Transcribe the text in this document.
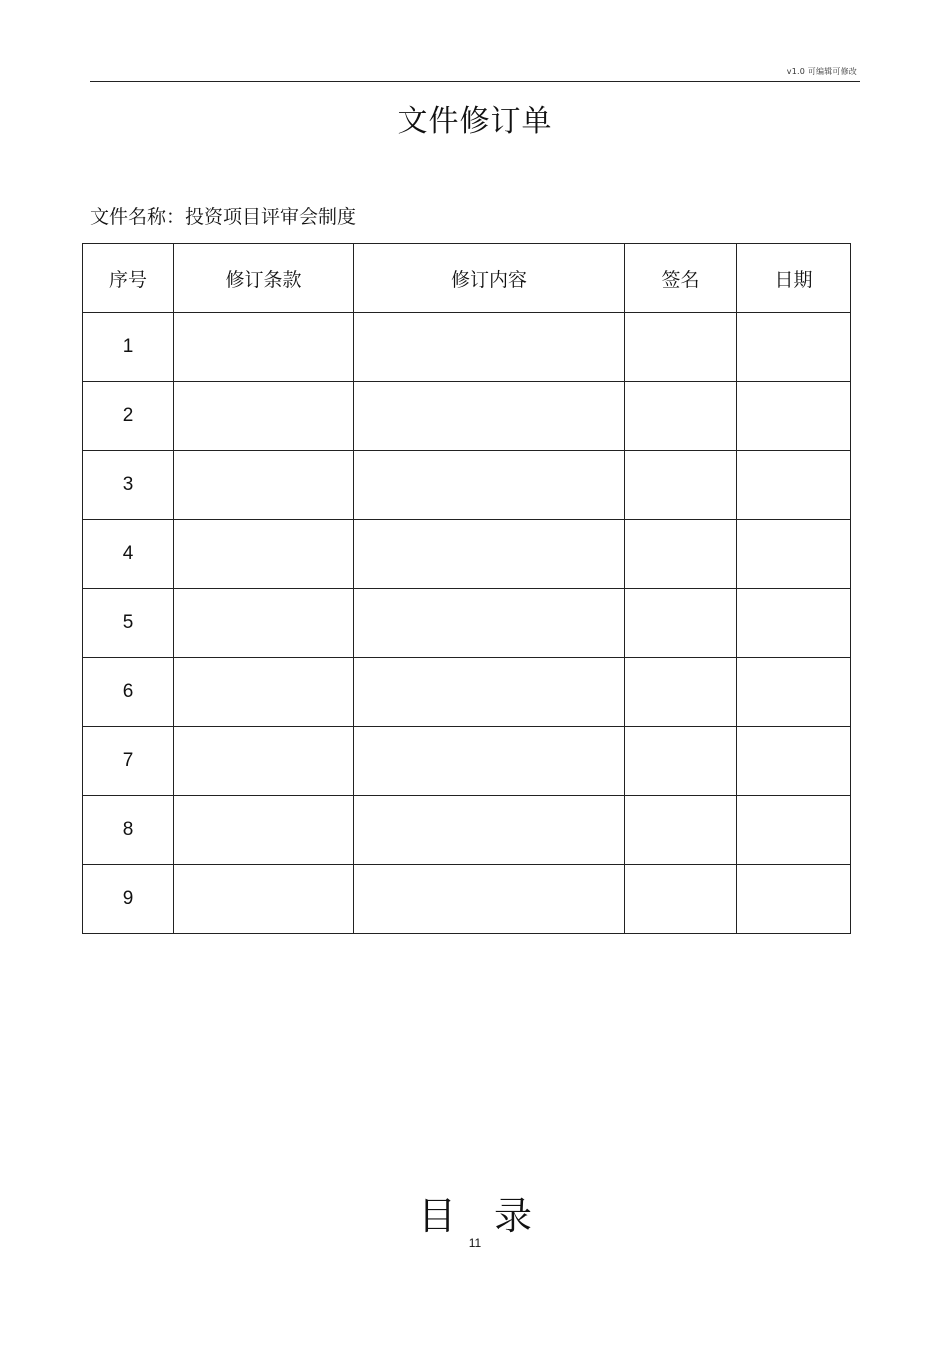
v1.0 可编辑可修改
文件修订单
文件名称：投资项目评审会制度
序号	修订条款	修订内容	签名	日期
1				
2				
3				
4				
5				
6				
7				
8				
9				
目 录
11
